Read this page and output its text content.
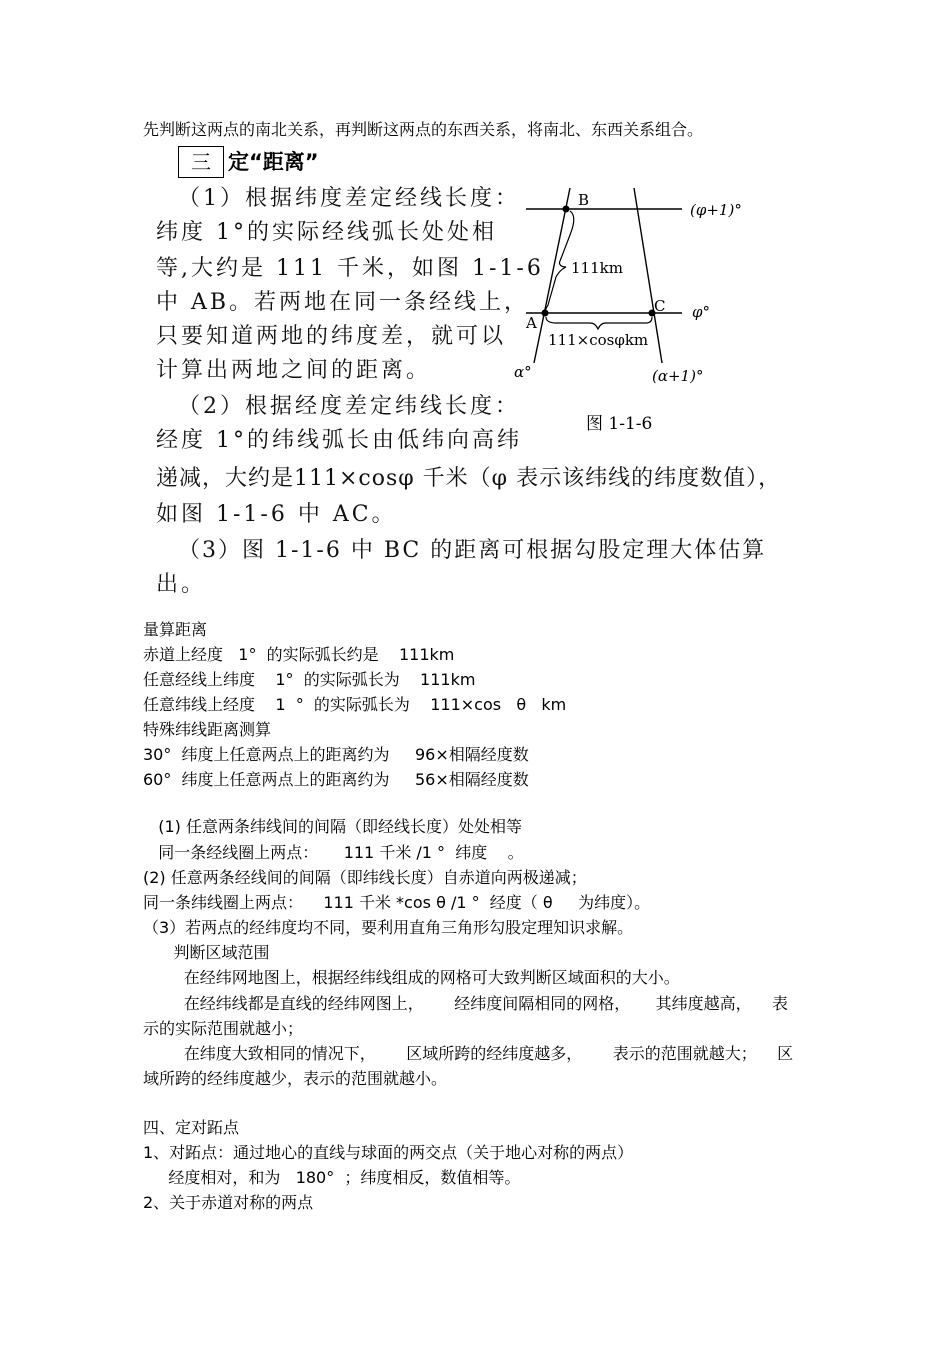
先判断这两点的南北关系，再判断这两点的东西关系，将南北、东西关系组合。
三 定“距离”
（1）根据纬度差定经线长度：
纬度 1°的实际经线弧长处处相
等,大约是 111 千米，如图 1-1-6
中 AB。若两地在同一条经线上，
只要知道两地的纬度差，就可以
计算出两地之间的距离。
（2）根据经度差定纬线长度：
经度 1°的纬线弧长由低纬向高纬
递减，大约是111×cosφ 千米（φ 表示该纬线的纬度数值），
如图 1-1-6 中 AC。
（3）图 1-1-6 中 BC 的距离可根据勾股定理大体估算
出。
B
A
C
111km
111×cosφkm
(φ+1)°
φ°
α°	(α+1)°
图 1-1-6
量算距离
赤道上经度   1°  的实际弧长约是    111km
任意经线上纬度    1°  的实际弧长为    111km
任意纬线上经度    1  °  的实际弧长为    111×cos   θ   km
特殊纬线距离测算
30°  纬度上任意两点上的距离约为     96×相隔经度数
60°  纬度上任意两点上的距离约为     56×相隔经度数
(1) 任意两条纬线间的间隔（即经线长度）处处相等
同一条经线圈上两点：     111 千米 /1 °  纬度    。
(2) 任意两条经线间的间隔（即纬线长度）自赤道向两极递减；
同一条纬线圈上两点：    111 千米 *cos θ /1 °  经度（ θ     为纬度）。
（3）若两点的经纬度均不同，要利用直角三角形勾股定理知识求解。
判断区域范围
在经纬网地图上，根据经纬线组成的网格可大致判断区域面积的大小。
在经纬线都是直线的经纬网图上，      经纬度间隔相同的网格，     其纬度越高，    表
示的实际范围就越小；
在纬度大致相同的情况下，      区域所跨的经纬度越多，      表示的范围就越大；    区
域所跨的经纬度越少，表示的范围就越小。
四、定对跖点
1、对跖点：通过地心的直线与球面的两交点（关于地心对称的两点）
经度相对，和为   180°  ；纬度相反，数值相等。
2、关于赤道对称的两点
